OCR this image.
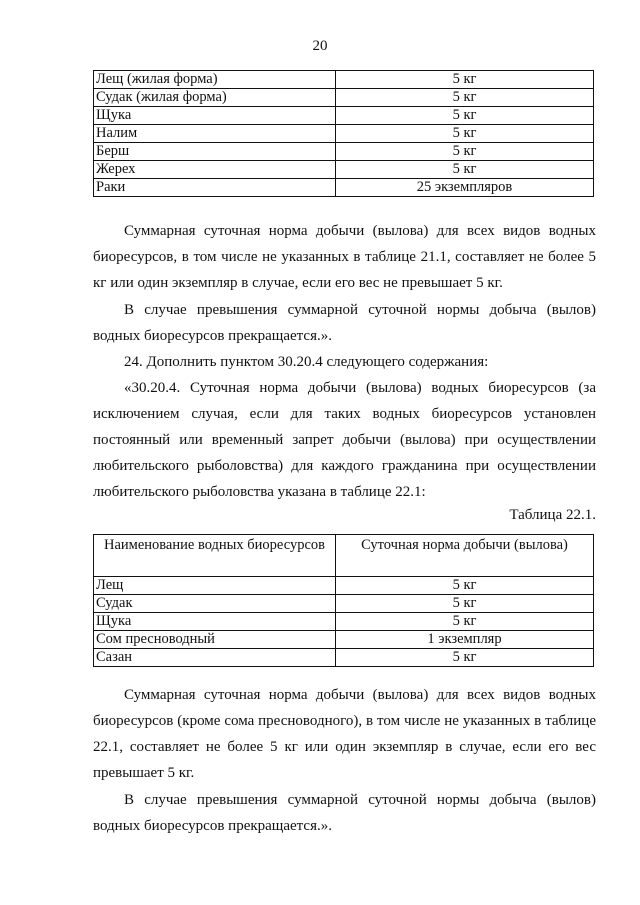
20
Лещ (жилая форма)	5 кг
Судак (жилая форма)	5 кг
Щука	5 кг
Налим	5 кг
Берш	5 кг
Жерех	5 кг
Раки	25 экземпляров

Суммарная суточная норма добычи (вылова) для всех видов водных биоресурсов, в том числе не указанных в таблице 21.1, составляет не более 5 кг или один экземпляр в случае, если его вес не превышает 5 кг.

В случае превышения суммарной суточной нормы добыча (вылов) водных биоресурсов прекращается.».

24. Дополнить пунктом 30.20.4 следующего содержания:

«30.20.4. Суточная норма добычи (вылова) водных биоресурсов (за исключением случая, если для таких водных биоресурсов установлен постоянный или временный запрет добычи (вылова) при осуществлении любительского рыболовства) для каждого гражданина при осуществлении любительского рыболовства указана в таблице 22.1:

Таблица 22.1.
Наименование водных биоресурсов	Суточная норма добычи (вылова)
Лещ	5 кг
Судак	5 кг
Щука	5 кг
Сом пресноводный	1 экземпляр
Сазан	5 кг

Суммарная суточная норма добычи (вылова) для всех видов водных биоресурсов (кроме сома пресноводного), в том числе не указанных в таблице 22.1, составляет не более 5 кг или один экземпляр в случае, если его вес превышает 5 кг.

В случае превышения суммарной суточной нормы добыча (вылов) водных биоресурсов прекращается.».
